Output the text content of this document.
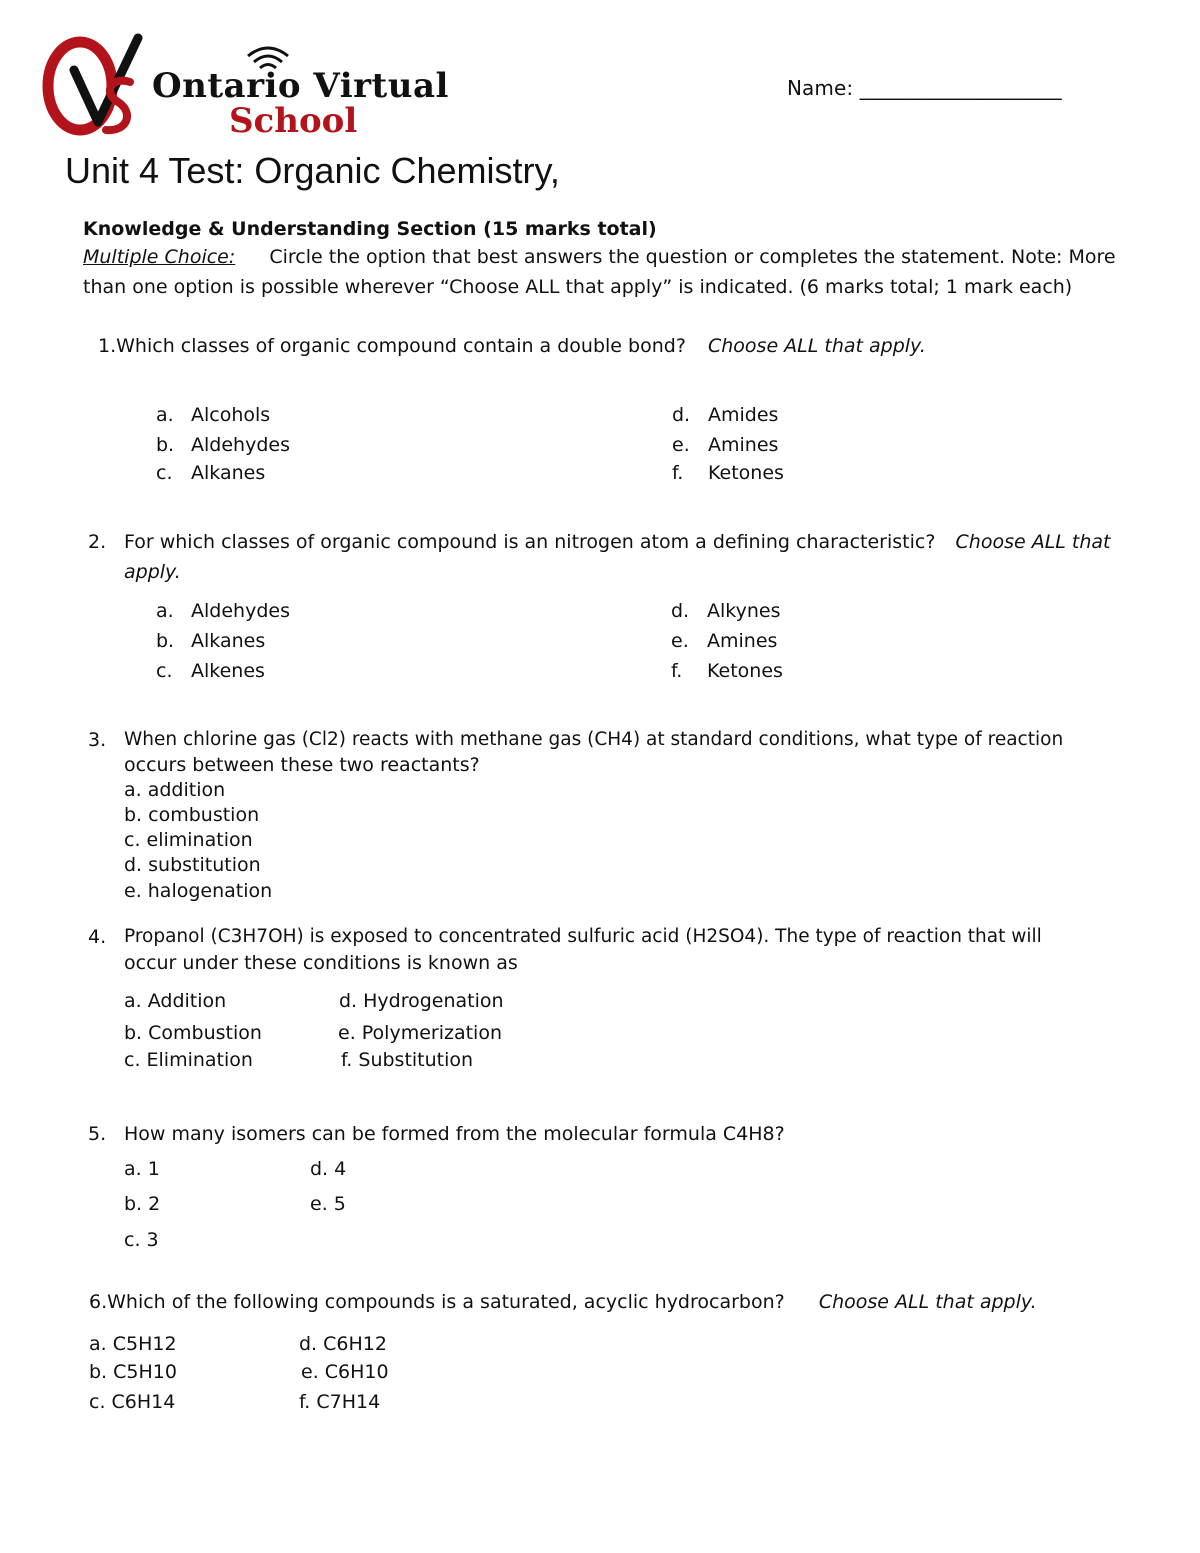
Ontario Virtual
School
Name: ____________________
Unit 4 Test: Organic Chemistry,
Knowledge & Understanding Section (15 marks total)
Multiple Choice: Circle the option that best answers the question or completes the statement. Note: More
than one option is possible wherever “Choose ALL that apply” is indicated. (6 marks total; 1 mark each)
1.Which classes of organic compound contain a double bond? Choose ALL that apply.
a. Alcohols
b. Aldehydes
c. Alkanes
d. Amides
e. Amines
f. Ketones
2. For which classes of organic compound is an nitrogen atom a defining characteristic? Choose ALL that
apply.
a. Aldehydes
b. Alkanes
c. Alkenes
d. Alkynes
e. Amines
f. Ketones
3. When chlorine gas (Cl2) reacts with methane gas (CH4) at standard conditions, what type of reaction
occurs between these two reactants?
a. addition
b. combustion
c. elimination
d. substitution
e. halogenation
4. Propanol (C3H7OH) is exposed to concentrated sulfuric acid (H2SO4). The type of reaction that will
occur under these conditions is known as
a. Addition	d. Hydrogenation
b. Combustion	e. Polymerization
c. Elimination	f. Substitution
5. How many isomers can be formed from the molecular formula C4H8?
a. 1	d. 4
b. 2	e. 5
c. 3
6.Which of the following compounds is a saturated, acyclic hydrocarbon? Choose ALL that apply.
a. C5H12	d. C6H12
b. C5H10	e. C6H10
c. C6H14	f. C7H14
